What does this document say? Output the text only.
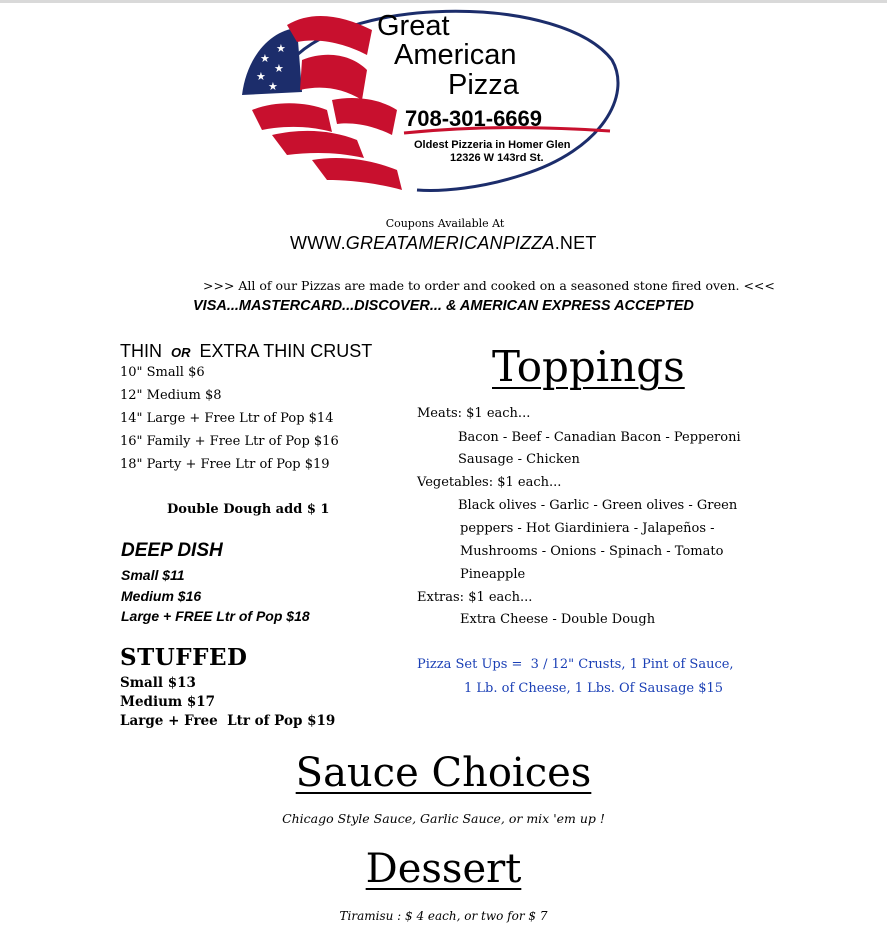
★
★
★
★
★
Great
American
Pizza
708-301-6669
Oldest Pizzeria in Homer Glen
12326 W 143rd St.
Coupons Available At
WWW.GREATAMERICANPIZZA.NET
>>> All of our Pizzas are made to order and cooked on a seasoned stone fired oven. <<<
VISA...MASTERCARD...DISCOVER... & AMERICAN EXPRESS ACCEPTED
THIN OR EXTRA THIN CRUST
10" Small $6
12" Medium $8
14" Large + Free Ltr of Pop $14
16" Family + Free Ltr of Pop $16
18" Party + Free Ltr of Pop $19
Double Dough add $ 1
DEEP DISH
Small $11
Medium $16
Large + FREE Ltr of Pop $18
STUFFED
Small $13
Medium $17
Large + Free  Ltr of Pop $19
Toppings
Meats: $1 each...
Bacon - Beef - Canadian Bacon - Pepperoni
Sausage - Chicken
Vegetables: $1 each...
Black olives - Garlic - Green olives - Green
peppers - Hot Giardiniera - Jalapeños -
Mushrooms - Onions - Spinach - Tomato
Pineapple
Extras: $1 each...
Extra Cheese - Double Dough
Pizza Set Ups =  3 / 12" Crusts, 1 Pint of Sauce,
1 Lb. of Cheese, 1 Lbs. Of Sausage $15
Sauce Choices
Chicago Style Sauce, Garlic Sauce, or mix 'em up !
Dessert
Tiramisu : $ 4 each, or two for $ 7
